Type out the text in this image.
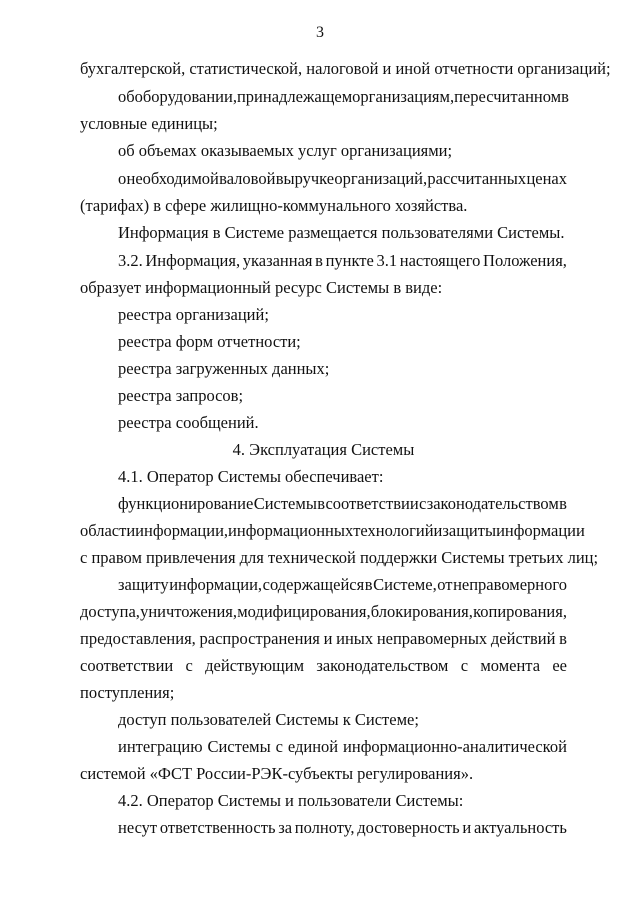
3
бухгалтерской, статистической, налоговой и иной отчетности организаций;
об оборудовании, принадлежащем организациям, пересчитанном в
условные единицы;
об объемах оказываемых услуг организациями;
о необходимой валовой выручке организаций, рассчитанных ценах
(тарифах) в сфере жилищно-коммунального хозяйства.
Информация в Системе размещается пользователями Системы.
3.2. Информация, указанная в пункте 3.1 настоящего Положения,
образует информационный ресурс Системы в виде:
реестра организаций;
реестра форм отчетности;
реестра загруженных данных;
реестра запросов;
реестра сообщений.
4. Эксплуатация Системы
4.1. Оператор Системы обеспечивает:
функционирование Системы в соответствии с законодательством в
области информации, информационных технологий и защиты информации
с правом привлечения для технической поддержки Системы третьих лиц;
защиту информации, содержащейся в Системе, от неправомерного
доступа, уничтожения, модифицирования, блокирования, копирования,
предоставления, распространения и иных неправомерных действий в
соответствии с действующим законодательством с момента ее
поступления;
доступ пользователей Системы к Системе;
интеграцию Системы с единой информационно-аналитической
системой «ФСТ России-РЭК-субъекты регулирования».
4.2. Оператор Системы и пользователи Системы:
несут ответственность за полноту, достоверность и актуальность
